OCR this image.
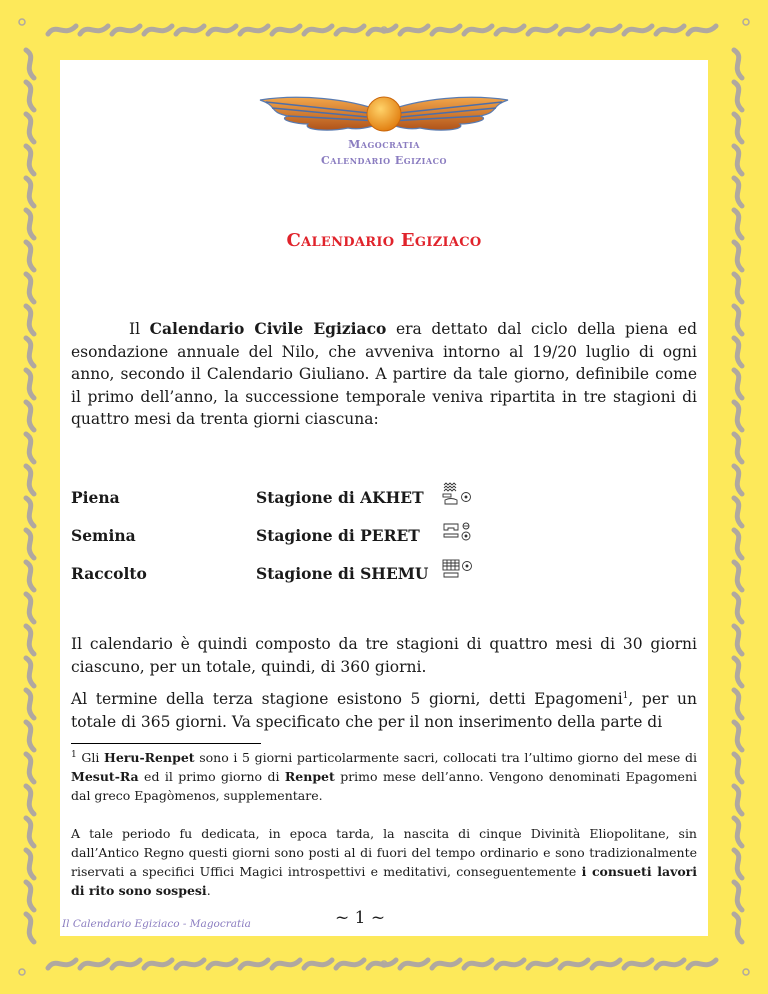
Magocratia
Calendario Egiziaco
Calendario Egiziaco
Il Calendario Civile Egiziaco era dettato dal ciclo della piena ed esondazione annuale del Nilo, che avveniva intorno al 19/20 luglio di ogni anno, secondo il Calendario Giuliano. A partire da tale giorno, definibile come il primo dell’anno, la successione temporale veniva ripartita in tre stagioni di quattro mesi da trenta giorni ciascuna:
Piena	Stagione di AKHET
Semina	Stagione di PERET
Raccolto	Stagione di SHEMU
Il calendario è quindi composto da tre stagioni di quattro mesi di 30 giorni ciascuno, per un totale, quindi, di 360 giorni.
Al termine della terza stagione esistono 5 giorni, detti Epagomeni$^1$, per un totale di 365 giorni. Va specificato che per il non inserimento della parte di
$^1$ Gli Heru-Renpet sono i 5 giorni particolarmente sacri, collocati tra l’ultimo giorno del mese di Mesut-Ra ed il primo giorno di Renpet primo mese dell’anno. Vengono denominati Epagomeni dal greco Epagòmenos, supplementare.
A tale periodo fu dedicata, in epoca tarda, la nascita di cinque Divinità Eliopolitane, sin dall’Antico Regno questi giorni sono posti al di fuori del tempo ordinario e sono tradizionalmente riservati a specifici Uffici Magici introspettivi e meditativi, conseguentemente i consueti lavori di rito sono sospesi.
Il Calendario Egiziaco - Magocratia	~ 1 ~
